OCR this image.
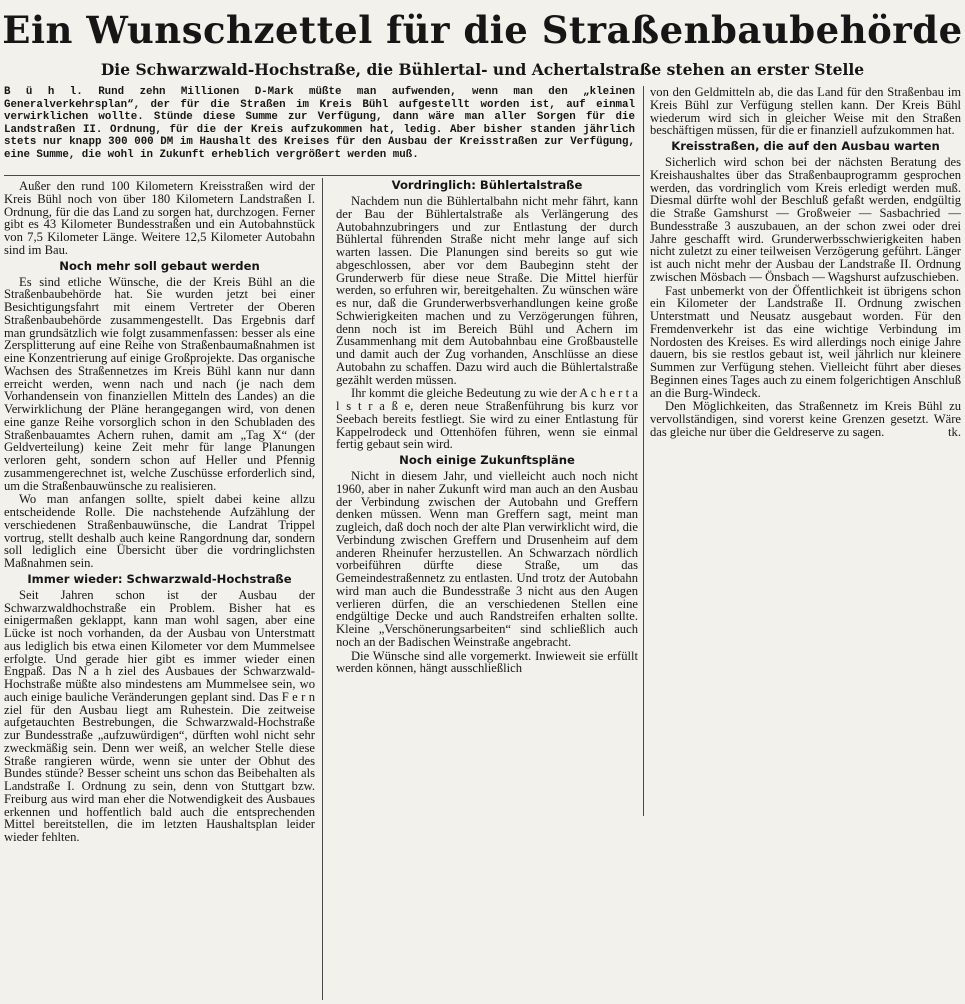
Ein Wunschzettel für die Straßenbaubehörde
Die Schwarzwald-Hochstraße, die Bühlertal- und Achertalstraße stehen an erster Stelle
B ü h l. Rund zehn Millionen D-Mark müßte man aufwenden, wenn man den „kleinen Generalverkehrsplan“, der für die Straßen im Kreis Bühl aufgestellt worden ist, auf einmal verwirklichen wollte. Stünde diese Summe zur Verfügung, dann wäre man aller Sorgen für die Landstraßen II. Ordnung, für die der Kreis aufzukommen hat, ledig. Aber bisher standen jährlich stets nur knapp 300 000 DM im Haushalt des Kreises für den Ausbau der Kreisstraßen zur Verfügung, eine Summe, die wohl in Zukunft erheblich vergrößert werden muß.

Außer den rund 100 Kilometern Kreisstraßen wird der Kreis Bühl noch von über 180 Kilometern Landstraßen I. Ordnung, für die das Land zu sorgen hat, durchzogen. Ferner gibt es 43 Kilometer Bundesstraßen und ein Autobahnstück von 7,5 Kilometer Länge. Weitere 12,5 Kilometer Autobahn sind im Bau.

Noch mehr soll gebaut werden

Es sind etliche Wünsche, die der Kreis Bühl an die Straßenbaubehörde hat. Sie wurden jetzt bei einer Besichtigungsfahrt mit einem Vertreter der Oberen Straßenbaubehörde zusammengestellt. Das Ergebnis darf man grundsätzlich wie folgt zusammenfassen: besser als eine Zersplitterung auf eine Reihe von Straßenbaumaßnahmen ist eine Konzentrierung auf einige Großprojekte. Das organische Wachsen des Straßennetzes im Kreis Bühl kann nur dann erreicht werden, wenn nach und nach (je nach dem Vorhandensein von finanziellen Mitteln des Landes) an die Verwirklichung der Pläne herangegangen wird, von denen eine ganze Reihe vorsorglich schon in den Schubladen des Straßenbauamtes Achern ruhen, damit am „Tag X“ (der Geldverteilung) keine Zeit mehr für lange Planungen verloren geht, sondern schon auf Heller und Pfennig zusammengerechnet ist, welche Zuschüsse erforderlich sind, um die Straßenbauwünsche zu realisieren.

Wo man anfangen sollte, spielt dabei keine allzu entscheidende Rolle. Die nachstehende Aufzählung der verschiedenen Straßenbauwünsche, die Landrat Trippel vortrug, stellt deshalb auch keine Rangordnung dar, sondern soll lediglich eine Übersicht über die vordringlichsten Maßnahmen sein.

Immer wieder: Schwarzwald-Hochstraße

Seit Jahren schon ist der Ausbau der Schwarzwaldhochstraße ein Problem. Bisher hat es einigermaßen geklappt, kann man wohl sagen, aber eine Lücke ist noch vorhanden, da der Ausbau von Unterstmatt aus lediglich bis etwa einen Kilometer vor dem Mummelsee erfolgte. Und gerade hier gibt es immer wieder einen Engpaß. Das N a h ziel des Ausbaues der Schwarzwald-Hochstraße müßte also mindestens am Mummelsee sein, wo auch einige bauliche Veränderungen geplant sind. Das F e r n ziel für den Ausbau liegt am Ruhestein. Die zeitweise aufgetauchten Bestrebungen, die Schwarzwald-Hochstraße zur Bundesstraße „aufzuwürdigen“, dürften wohl nicht sehr zweckmäßig sein. Denn wer weiß, an welcher Stelle diese Straße rangieren würde, wenn sie unter der Obhut des Bundes stünde? Besser scheint uns schon das Beibehalten als Landstraße I. Ordnung zu sein, denn von Stuttgart bzw. Freiburg aus wird man eher die Notwendigkeit des Ausbaues erkennen und hoffentlich bald auch die entsprechenden Mittel bereitstellen, die im letzten Haushaltsplan leider wieder fehlten.

Vordringlich: Bühlertalstraße

Nachdem nun die Bühlertalbahn nicht mehr fährt, kann der Bau der Bühlertalstraße als Verlängerung des Autobahnzubringers und zur Entlastung der durch Bühlertal führenden Straße nicht mehr lange auf sich warten lassen. Die Planungen sind bereits so gut wie abgeschlossen, aber vor dem Baubeginn steht der Grunderwerb für diese neue Straße. Die Mittel hierfür werden, so erfuhren wir, bereitgehalten. Zu wünschen wäre es nur, daß die Grunderwerbsverhandlungen keine große Schwierigkeiten machen und zu Verzögerungen führen, denn noch ist im Bereich Bühl und Achern im Zusammenhang mit dem Autobahnbau eine Großbaustelle und damit auch der Zug vorhanden, Anschlüsse an diese Autobahn zu schaffen. Dazu wird auch die Bühlertalstraße gezählt werden müssen.

Ihr kommt die gleiche Bedeutung zu wie der A c h e r t a l s t r a ß e, deren neue Straßenführung bis kurz vor Seebach bereits festliegt. Sie wird zu einer Entlastung für Kappelrodeck und Ottenhöfen führen, wenn sie einmal fertig gebaut sein wird.

Noch einige Zukunftspläne

Nicht in diesem Jahr, und vielleicht auch noch nicht 1960, aber in naher Zukunft wird man auch an den Ausbau der Verbindung zwischen der Autobahn und Greffern denken müssen. Wenn man Greffern sagt, meint man zugleich, daß doch noch der alte Plan verwirklicht wird, die Verbindung zwischen Greffern und Drusenheim auf dem anderen Rheinufer herzustellen. An Schwarzach nördlich vorbeiführen dürfte diese Straße, um das Gemeindestraßennetz zu entlasten. Und trotz der Autobahn wird man auch die Bundesstraße 3 nicht aus den Augen verlieren dürfen, die an verschiedenen Stellen eine endgültige Decke und auch Randstreifen erhalten sollte. Kleine „Verschönerungsarbeiten“ sind schließlich auch noch an der Badischen Weinstraße angebracht.

Die Wünsche sind alle vorgemerkt. Inwieweit sie erfüllt werden können, hängt ausschließlich

von den Geldmitteln ab, die das Land für den Straßenbau im Kreis Bühl zur Verfügung stellen kann. Der Kreis Bühl wiederum wird sich in gleicher Weise mit den Straßen beschäftigen müssen, für die er finanziell aufzukommen hat.

Kreisstraßen, die auf den Ausbau warten

Sicherlich wird schon bei der nächsten Beratung des Kreishaushaltes über das Straßenbauprogramm gesprochen werden, das vordringlich vom Kreis erledigt werden muß. Diesmal dürfte wohl der Beschluß gefaßt werden, endgültig die Straße Gamshurst — Großweier — Sasbachried — Bundesstraße 3 auszubauen, an der schon zwei oder drei Jahre geschafft wird. Grunderwerbsschwierigkeiten haben nicht zuletzt zu einer teilweisen Verzögerung geführt. Länger ist auch nicht mehr der Ausbau der Landstraße II. Ordnung zwischen Mösbach — Önsbach — Wagshurst aufzuschieben.

Fast unbemerkt von der Öffentlichkeit ist übrigens schon ein Kilometer der Landstraße II. Ordnung zwischen Unterstmatt und Neusatz ausgebaut worden. Für den Fremdenverkehr ist das eine wichtige Verbindung im Nordosten des Kreises. Es wird allerdings noch einige Jahre dauern, bis sie restlos gebaut ist, weil jährlich nur kleinere Summen zur Verfügung stehen. Vielleicht führt aber dieses Beginnen eines Tages auch zu einem folgerichtigen Anschluß an die Burg-Windeck.

Den Möglichkeiten, das Straßennetz im Kreis Bühl zu vervollständigen, sind vorerst keine Grenzen gesetzt. Wäre das gleiche nur über die Geldreserve zu sagen.	tk.
